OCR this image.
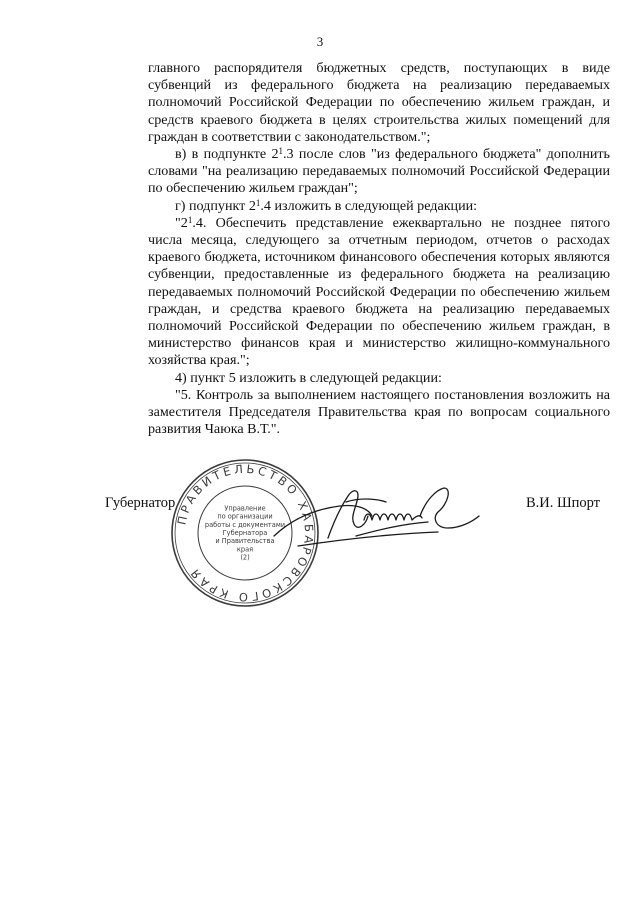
3

главного распорядителя бюджетных средств, поступающих в виде субвенций из федерального бюджета на реализацию передаваемых полномочий Российской Федерации по обеспечению жильем граждан, и средств краевого бюджета в целях строительства жилых помещений для граждан в соответствии с законодательством.";

в) в подпункте $2^1.3$ после слов "из федерального бюджета" дополнить словами "на реализацию передаваемых полномочий Российской Федерации по обеспечению жильем граждан";

г) подпункт $2^1.4$ изложить в следующей редакции:

"$2^1.4$. Обеспечить представление ежеквартально не позднее пятого числа месяца, следующего за отчетным периодом, отчетов о расходах краевого бюджета, источником финансового обеспечения которых являются субвенции, предоставленные из федерального бюджета на реализацию передаваемых полномочий Российской Федерации по обеспечению жильем граждан, и средства краевого бюджета на реализацию передаваемых полномочий Российской Федерации по обеспечению жильем граждан, в министерство финансов края и министерство жилищно-коммунального хозяйства края.";

4) пункт 5 изложить в следующей редакции:

"5. Контроль за выполнением настоящего постановления возложить на заместителя Председателя Правительства края по вопросам социального развития Чаюка В.Т.".

Губернатор	В.И. Шпорт
ПРАВИТЕЛЬСТВО ХАБАРОВСКОГО КРАЯ
Управление
по организации
работы с документами
Губернатора
и Правительства
края
(2)
